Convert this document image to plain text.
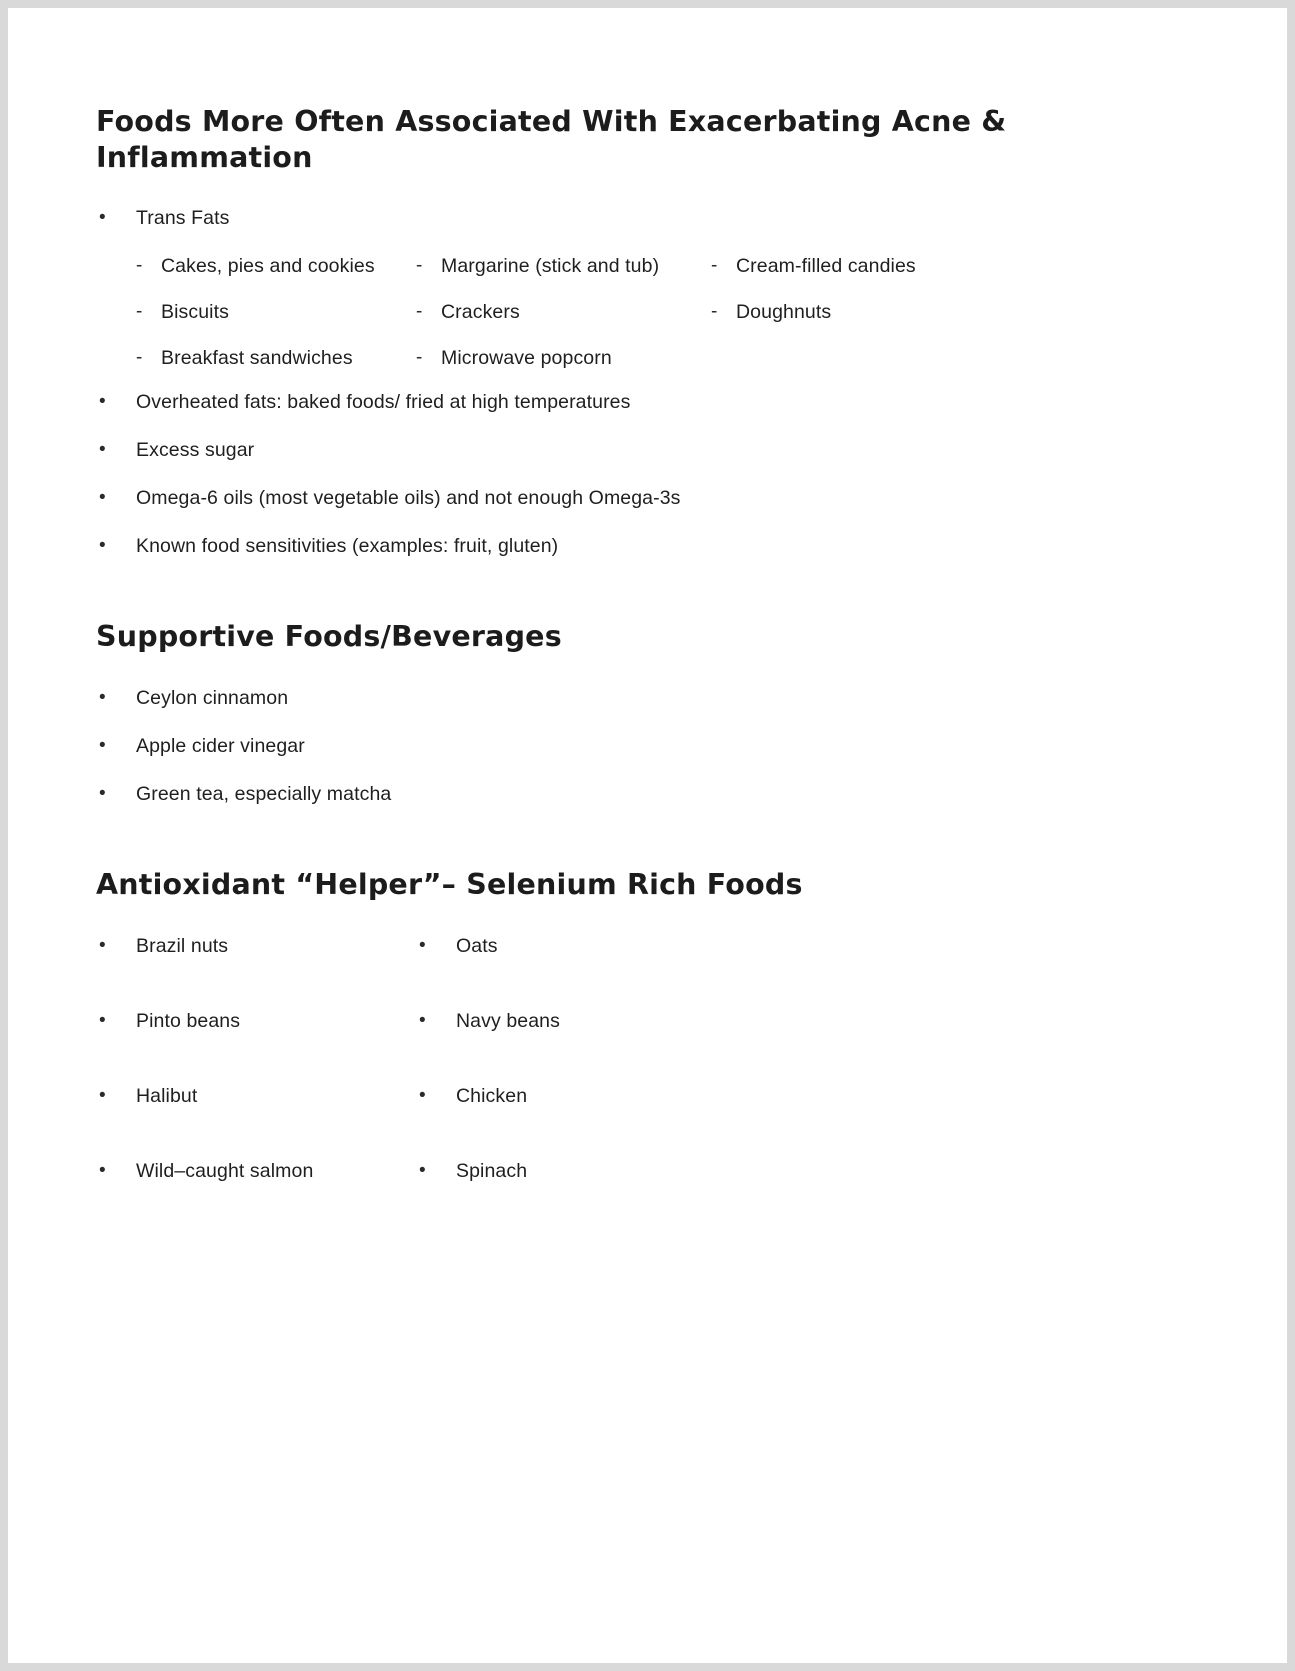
Foods More Often Associated With Exacerbating Acne & Inflammation
•	Trans Fats
- Cakes, pies and cookies - Margarine (stick and tub)	- Cream-filled candies
- Biscuits	- Crackers	- Doughnuts
- Breakfast sandwiches	- Microwave popcorn
•	Overheated fats: baked foods/ fried at high temperatures
•	Excess sugar
•	Omega-6 oils (most vegetable oils) and not enough Omega-3s
•	Known food sensitivities (examples: fruit, gluten)
Supportive Foods/Beverages
•	Ceylon cinnamon
•	Apple cider vinegar
•	Green tea, especially matcha
Antioxidant “Helper”– Selenium Rich Foods
•	Brazil nuts	•	Oats
•	Pinto beans	•	Navy beans
•	Halibut	•	Chicken
•	Wild–caught salmon	•	Spinach
